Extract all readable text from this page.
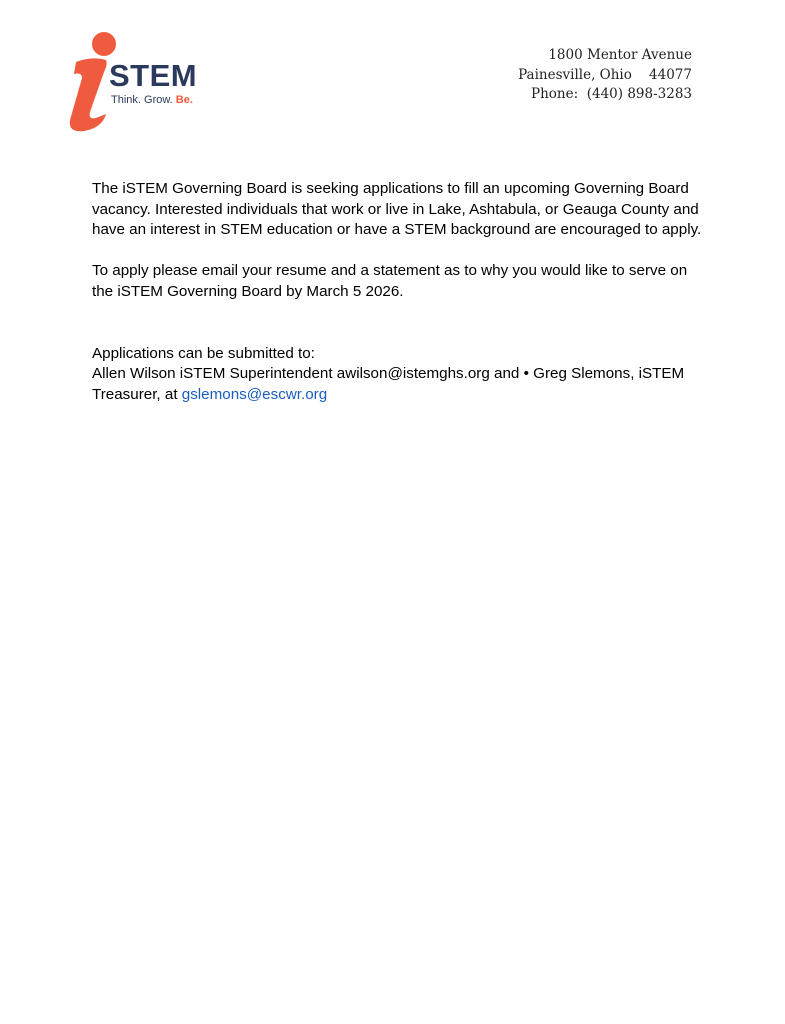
STEM
Think. Grow. Be.
1800 Mentor Avenue
Painesville, Ohio    44077
Phone:  (440) 898-3283

The iSTEM Governing Board is seeking applications to fill an upcoming Governing Board vacancy. Interested individuals that work or live in Lake, Ashtabula, or Geauga County and have an interest in STEM education or have a STEM background are encouraged to apply.

To apply please email your resume and a statement as to why you would like to serve on the iSTEM Governing Board by March 5 2026.

Applications can be submitted to:

Allen Wilson iSTEM Superintendent awilson@istemghs.org and • Greg Slemons, iSTEM Treasurer, at gslemons@escwr.org
